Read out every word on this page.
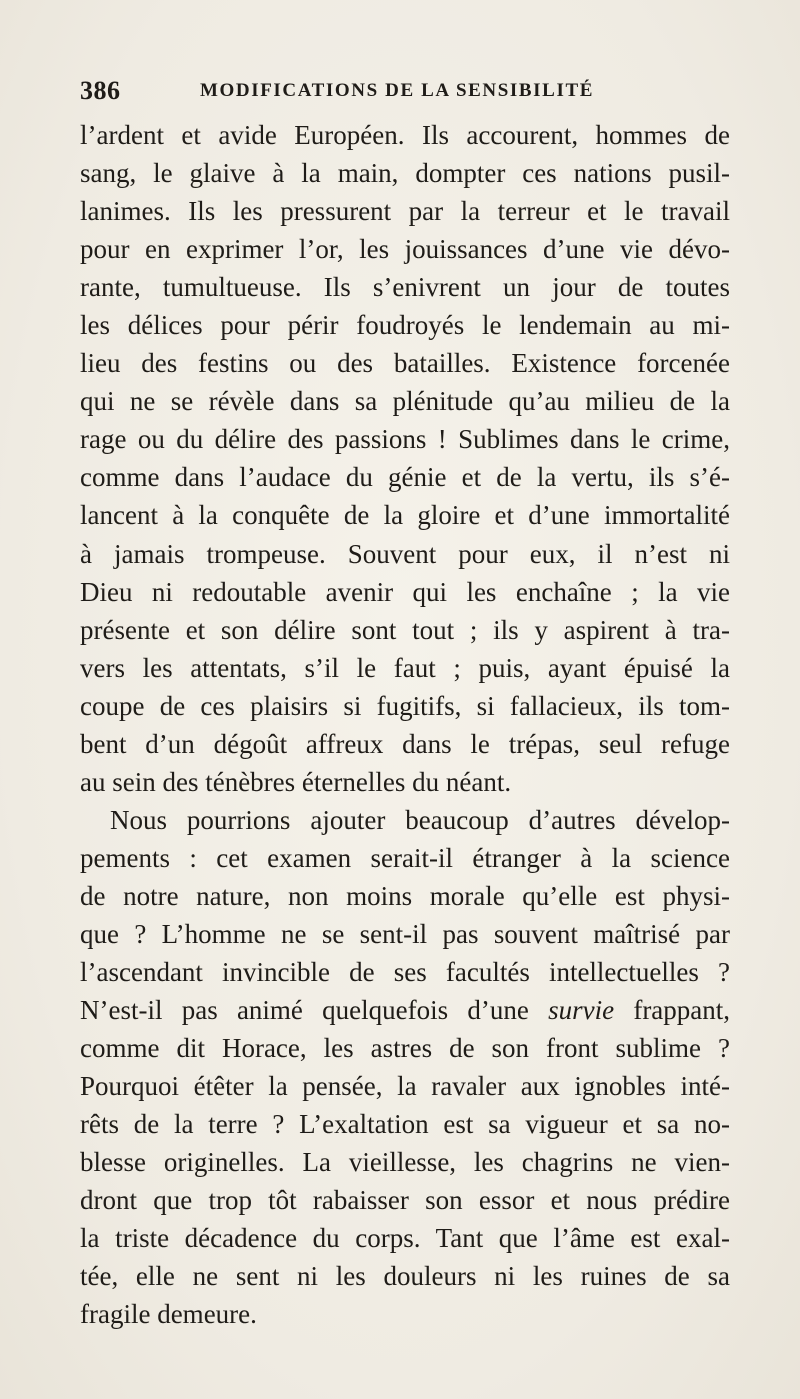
386	MODIFICATIONS DE LA SENSIBILITÉ
l’ardent et avide Européen. Ils accourent, hommes de
sang, le glaive à la main, dompter ces nations pusil-
lanimes. Ils les pressurent par la terreur et le travail
pour en exprimer l’or, les jouissances d’une vie dévo-
rante, tumultueuse. Ils s’enivrent un jour de toutes
les délices pour périr foudroyés le lendemain au mi-
lieu des festins ou des batailles. Existence forcenée
qui ne se révèle dans sa plénitude qu’au milieu de la
rage ou du délire des passions ! Sublimes dans le crime,
comme dans l’audace du génie et de la vertu, ils s’é-
lancent à la conquête de la gloire et d’une immortalité
à jamais trompeuse. Souvent pour eux, il n’est ni
Dieu ni redoutable avenir qui les enchaîne ; la vie
présente et son délire sont tout ; ils y aspirent à tra-
vers les attentats, s’il le faut ; puis, ayant épuisé la
coupe de ces plaisirs si fugitifs, si fallacieux, ils tom-
bent d’un dégoût affreux dans le trépas, seul refuge
au sein des ténèbres éternelles du néant.
Nous pourrions ajouter beaucoup d’autres dévelop-
pements : cet examen serait-il étranger à la science
de notre nature, non moins morale qu’elle est physi-
que ? L’homme ne se sent-il pas souvent maîtrisé par
l’ascendant invincible de ses facultés intellectuelles ?
N’est-il pas animé quelquefois d’une survie frappant,
comme dit Horace, les astres de son front sublime ?
Pourquoi étêter la pensée, la ravaler aux ignobles inté-
rêts de la terre ? L’exaltation est sa vigueur et sa no-
blesse originelles. La vieillesse, les chagrins ne vien-
dront que trop tôt rabaisser son essor et nous prédire
la triste décadence du corps. Tant que l’âme est exal-
tée, elle ne sent ni les douleurs ni les ruines de sa
fragile demeure.
